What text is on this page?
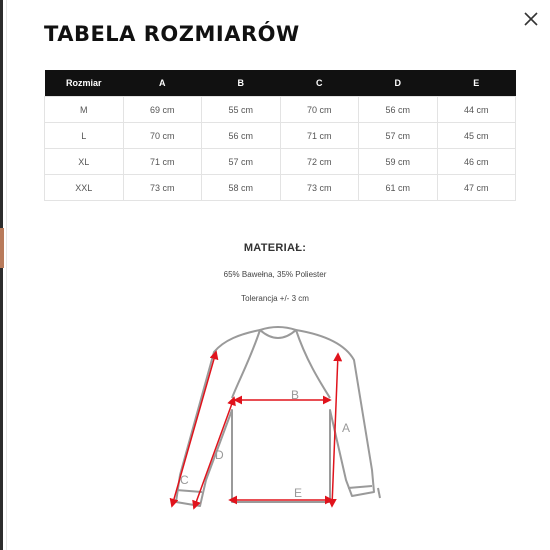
TABELA ROZMIARÓW
Rozmiar	A	B	C	D	E
M	69 cm	55 cm	70 cm	56 cm	44 cm
L	70 cm	56 cm	71 cm	57 cm	45 cm
XL	71 cm	57 cm	72 cm	59 cm	46 cm
XXL	73 cm	58 cm	73 cm	61 cm	47 cm
MATERIAŁ:
65% Bawełna, 35% Poliester
Tolerancja +/- 3 cm
B
A
D
C
E
